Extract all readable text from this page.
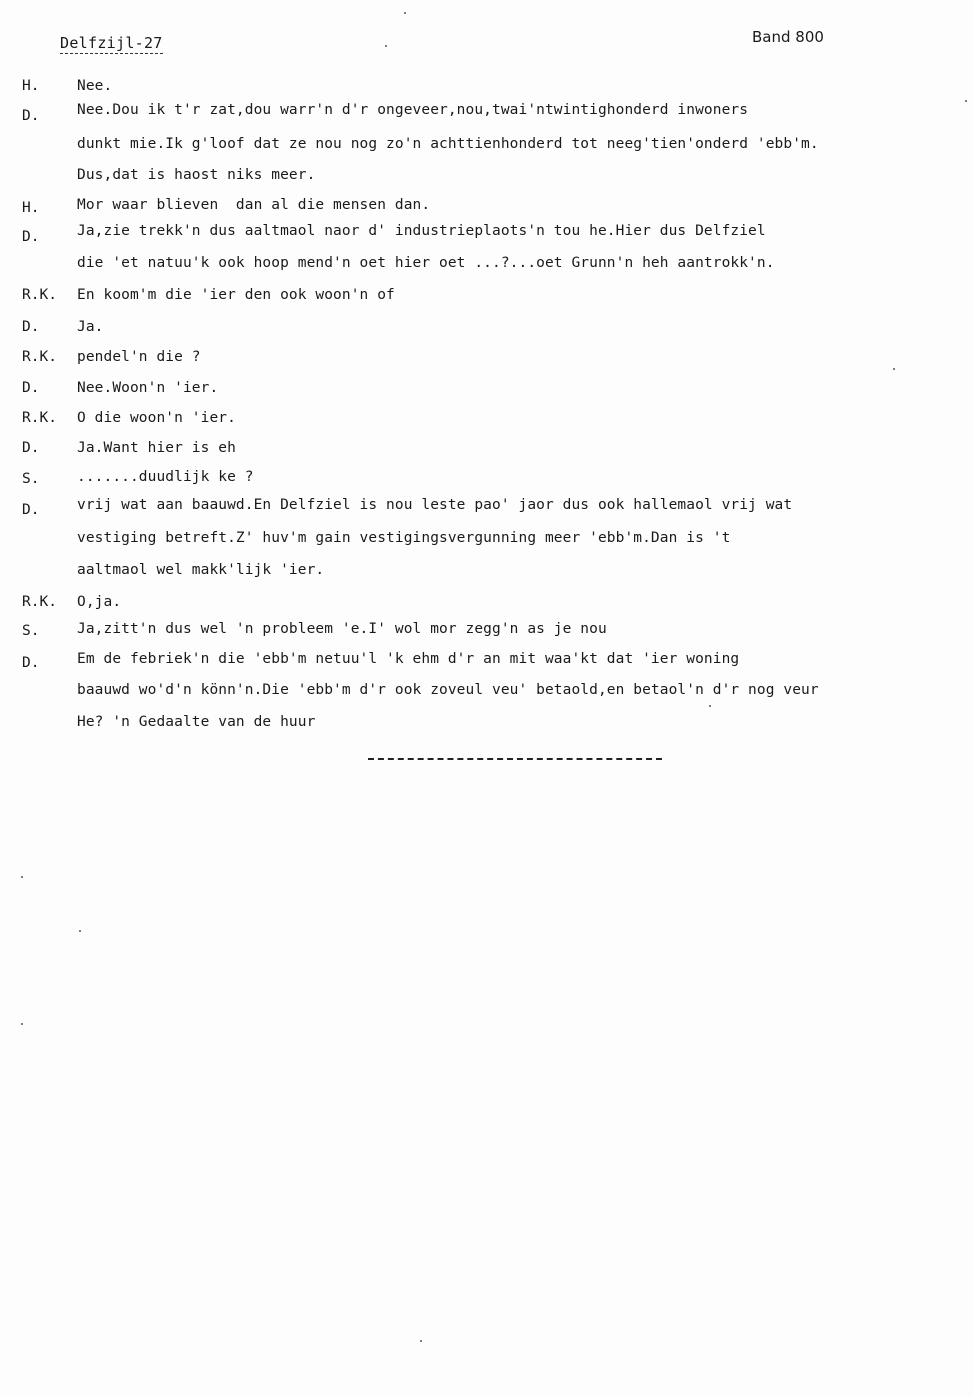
Delfzijl-27	Band 800
H.	Nee.
D.	Nee.Dou ik t'r zat,dou warr'n d'r ongeveer,nou,twai'ntwintighonderd inwoners
dunkt mie.Ik g'loof dat ze nou nog zo'n achttienhonderd tot neeg'tien'onderd 'ebb'm.
Dus,dat is haost niks meer.
H.	Mor waar blieven  dan al die mensen dan.
D.	Ja,zie trekk'n dus aaltmaol naor d' industrieplaots'n tou he.Hier dus Delfziel
die 'et natuu'k ook hoop mend'n oet hier oet ...?...oet Grunn'n heh aantrokk'n.
R.K. En koom'm die 'ier den ook woon'n of
D.	Ja.
R.K. pendel'n die ?
D.	Nee.Woon'n 'ier.
R.K. O die woon'n 'ier.
D.	Ja.Want hier is eh
S.	.......duudlijk ke ?
D.	vrij wat aan baauwd.En Delfziel is nou leste pao' jaor dus ook hallemaol vrij wat
vestiging betreft.Z' huv'm gain vestigingsvergunning meer 'ebb'm.Dan is 't
aaltmaol wel makk'lijk 'ier.
R.K. O,ja.
S.	Ja,zitt'n dus wel 'n probleem 'e.I' wol mor zegg'n as je nou
D.	Em de febriek'n die 'ebb'm netuu'l 'k ehm d'r an mit waa'kt dat 'ier woning
baauwd wo'd'n könn'n.Die 'ebb'm d'r ook zoveul veu' betaold,en betaol'n d'r nog veur
He? 'n Gedaalte van de huur
